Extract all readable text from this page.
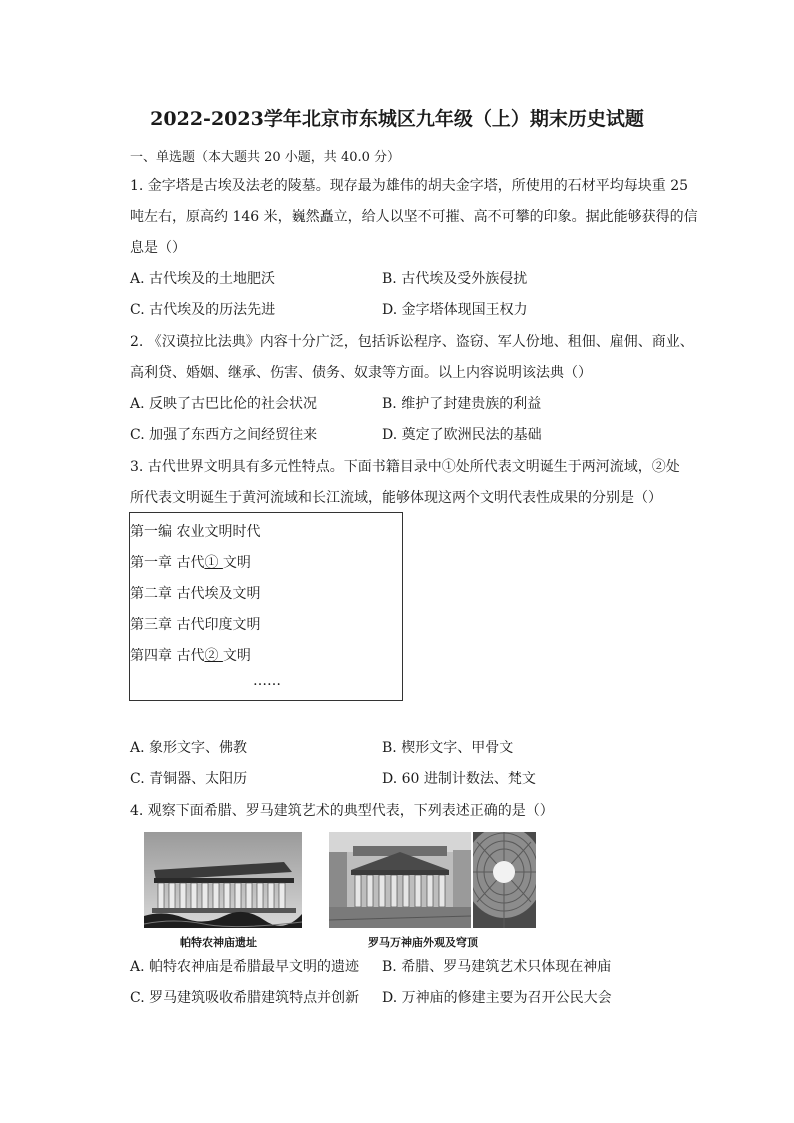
2022-2023学年北京市东城区九年级（上）期末历史试题
一、单选题（本大题共 20 小题，共 40.0 分）
1. 金字塔是古埃及法老的陵墓。现存最为雄伟的胡夫金字塔，所使用的石材平均每块重 25
吨左右，原高约 146 米，巍然矗立，给人以坚不可摧、高不可攀的印象。据此能够获得的信
息是（）
A. 古代埃及的土地肥沃	B. 古代埃及受外族侵扰
C. 古代埃及的历法先进	D. 金字塔体现国王权力
2. 《汉谟拉比法典》内容十分广泛，包括诉讼程序、盗窃、军人份地、租佃、雇佣、商业、
高利贷、婚姻、继承、伤害、债务、奴隶等方面。以上内容说明该法典（）
A. 反映了古巴比伦的社会状况	B. 维护了封建贵族的利益
C. 加强了东西方之间经贸往来	D. 奠定了欧洲民法的基础
3. 古代世界文明具有多元性特点。下面书籍目录中①处所代表文明诞生于两河流域，②处
所代表文明诞生于黄河流域和长江流域，能够体现这两个文明代表性成果的分别是（）
第一编 农业文明时代
第一章 古代① 文明
第二章 古代埃及文明
第三章 古代印度文明
第四章 古代② 文明
……
A. 象形文字、佛教	B. 楔形文字、甲骨文
C. 青铜器、太阳历	D. 60 进制计数法、梵文
4. 观察下面希腊、罗马建筑艺术的典型代表，下列表述正确的是（）
帕特农神庙遗址	罗马万神庙外观及穹顶
A. 帕特农神庙是希腊最早文明的遗迹 B. 希腊、罗马建筑艺术只体现在神庙
C. 罗马建筑吸收希腊建筑特点并创新 D. 万神庙的修建主要为召开公民大会
